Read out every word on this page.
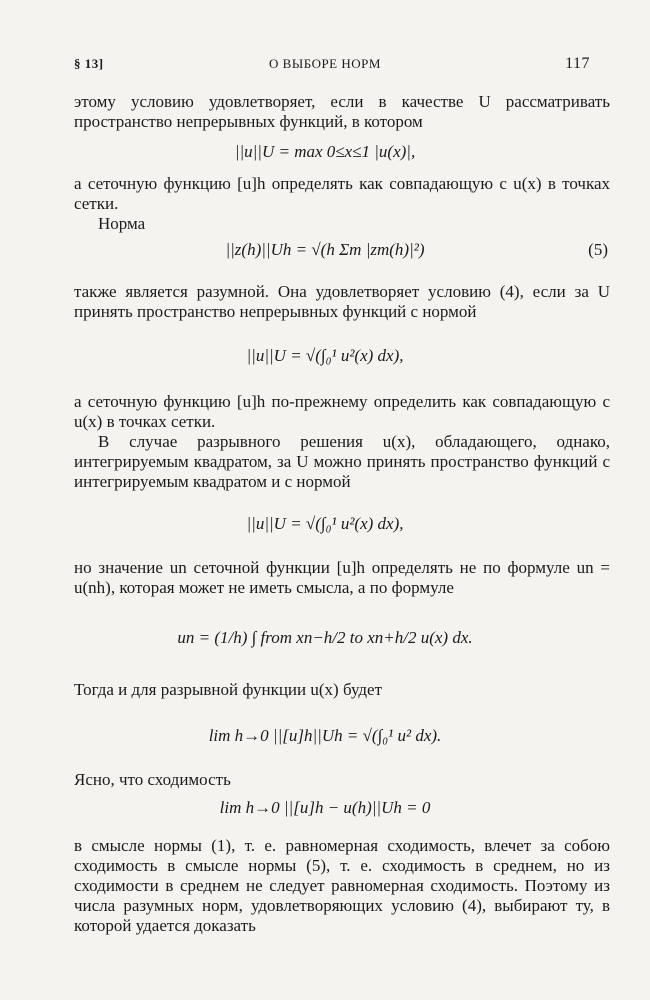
§ 13]	О ВЫБОРЕ НОРМ	117

этому условию удовлетворяет, если в качестве U рассматривать пространство непрерывных функций, в котором

||u||U = max 0≤x≤1 |u(x)|,

а сеточную функцию [u]h определять как совпадающую с u(x) в точках сетки.

Норма

||z(h)||Uh = √(h Σm |zm(h)|²)	(5)

также является разумной. Она удовлетворяет условию (4), если за U принять пространство непрерывных функций с нормой

||u||U = √(∫₀¹ u²(x) dx),

а сеточную функцию [u]h по-прежнему определить как совпадающую с u(x) в точках сетки.

В случае разрывного решения u(x), обладающего, однако, интегрируемым квадратом, за U можно принять пространство функций с интегрируемым квадратом и с нормой

||u||U = √(∫₀¹ u²(x) dx),

но значение un сеточной функции [u]h определять не по формуле un = u(nh), которая может не иметь смысла, а по формуле

un = (1/h) ∫ from xn−h/2 to xn+h/2 u(x) dx.

Тогда и для разрывной функции u(x) будет

lim h→0 ||[u]h||Uh = √(∫₀¹ u² dx).

Ясно, что сходимость

lim h→0 ||[u]h − u(h)||Uh = 0

в смысле нормы (1), т. е. равномерная сходимость, влечет за собою сходимость в смысле нормы (5), т. е. сходимость в среднем, но из сходимости в среднем не следует равномерная сходимость. Поэтому из числа разумных норм, удовлетворяющих условию (4), выбирают ту, в которой удается доказать
